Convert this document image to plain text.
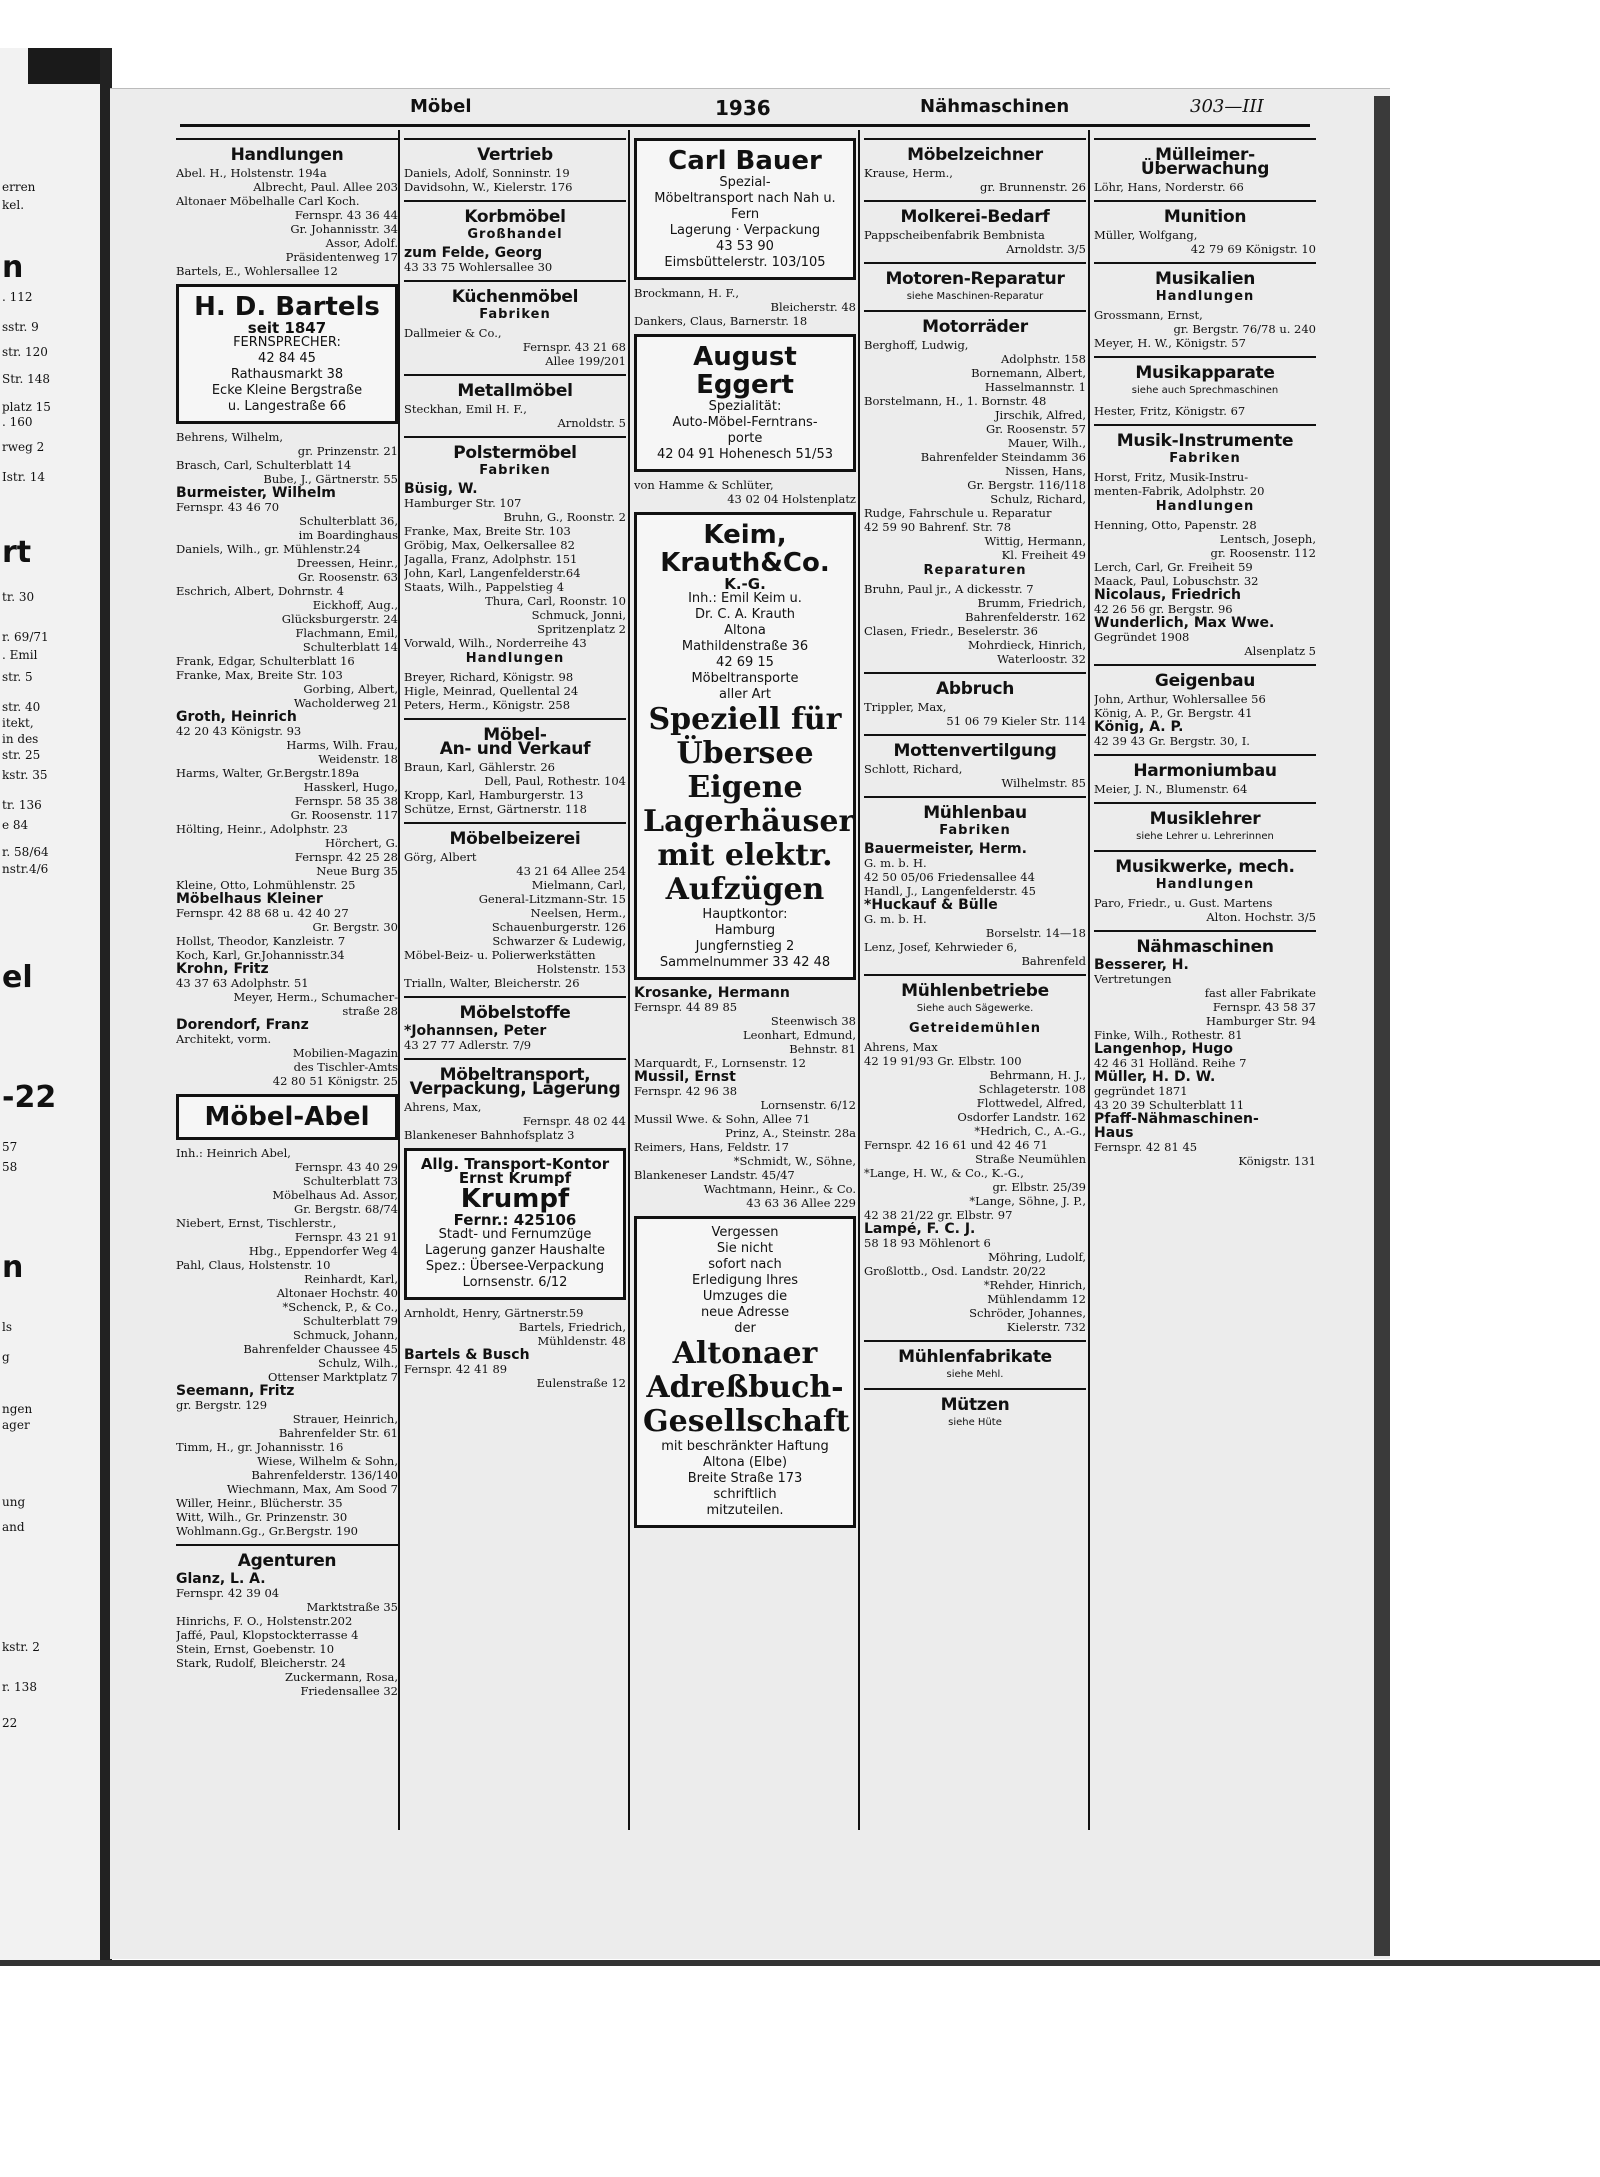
erren
kel.
n
. 112
sstr. 9
str. 120
Str. 148
platz 15
. 160
rweg 2
Istr. 14
rt
tr. 30
r. 69/71
. Emil
str. 5
str. 40
itekt,
in des
str. 25
kstr. 35
tr. 136
e 84
r. 58/64
nstr.4/6
el
-22
57
58
n
ls
g
ngen
ager
ung
and
kstr. 2
r. 138
22
Möbel	1936	Nähmaschinen	303—III
Handlungen
Abel. H., Holstenstr. 194a
Albrecht, Paul. Allee 203
Altonaer Möbelhalle Carl Koch.
Fernspr. 43 36 44
Gr. Johannisstr. 34
Assor, Adolf.
Präsidentenweg 17
Bartels, E., Wohlersallee 12
H. D. Bartels
seit 1847
FERNSPRECHER:
42 84 45
Rathausmarkt 38
Ecke Kleine Bergstraße
u. Langestraße 66
Behrens, Wilhelm,
gr. Prinzenstr. 21
Brasch, Carl, Schulterblatt 14
Bube, J., Gärtnerstr. 55
Burmeister, Wilhelm
Fernspr. 43 46 70
Schulterblatt 36,
im Boardinghaus
Daniels, Wilh., gr. Mühlenstr.24
Dreessen, Heinr.,
Gr. Roosenstr. 63
Eschrich, Albert, Dohrnstr. 4
Eickhoff, Aug.,
Glücksburgerstr. 24
Flachmann, Emil,
Schulterblatt 14
Frank, Edgar, Schulterblatt 16
Franke, Max, Breite Str. 103
Gorbing, Albert,
Wacholderweg 21
Groth, Heinrich
42 20 43 Königstr. 93
Harms, Wilh. Frau,
Weidenstr. 18
Harms, Walter, Gr.Bergstr.189a
Hasskerl, Hugo,
Fernspr. 58 35 38
Gr. Roosenstr. 117
Hölting, Heinr., Adolphstr. 23
Hörchert, G.
Fernspr. 42 25 28
Neue Burg 35
Kleine, Otto, Lohmühlenstr. 25
Möbelhaus Kleiner
Fernspr. 42 88 68 u. 42 40 27
Gr. Bergstr. 30
Hollst, Theodor, Kanzleistr. 7
Koch, Karl, Gr.Johannisstr.34
Krohn, Fritz
43 37 63 Adolphstr. 51
Meyer, Herm., Schumacher-
straße 28
Dorendorf, Franz
Architekt, vorm.
Mobilien-Magazin
des Tischler-Amts
42 80 51 Königstr. 25
Möbel-Abel
Inh.: Heinrich Abel,
Fernspr. 43 40 29
Schulterblatt 73
Möbelhaus Ad. Assor,
Gr. Bergstr. 68/74
Niebert, Ernst, Tischlerstr.,
Fernspr. 43 21 91
Hbg., Eppendorfer Weg 4
Pahl, Claus, Holstenstr. 10
Reinhardt, Karl,
Altonaer Hochstr. 40
*Schenck, P., & Co.,
Schulterblatt 79
Schmuck, Johann,
Bahrenfelder Chaussee 45
Schulz, Wilh.,
Ottenser Marktplatz 7
Seemann, Fritz
gr. Bergstr. 129
Strauer, Heinrich,
Bahrenfelder Str. 61
Timm, H., gr. Johannisstr. 16
Wiese, Wilhelm & Sohn,
Bahrenfelderstr. 136/140
Wiechmann, Max, Am Sood 7
Willer, Heinr., Blücherstr. 35
Witt, Wilh., Gr. Prinzenstr. 30
Wohlmann.Gg., Gr.Bergstr. 190
Agenturen
Glanz, L. A.
Fernspr. 42 39 04
Marktstraße 35
Hinrichs, F. O., Holstenstr.202
Jaffé, Paul, Klopstockterrasse 4
Stein, Ernst, Goebenstr. 10
Stark, Rudolf, Bleicherstr. 24
Zuckermann, Rosa,
Friedensallee 32
Vertrieb
Daniels, Adolf, Sonninstr. 19
Davidsohn, W., Kielerstr. 176
Korbmöbel
Großhandel
zum Felde, Georg
43 33 75 Wohlersallee 30
Küchenmöbel
Fabriken
Dallmeier & Co.,
Fernspr. 43 21 68
Allee 199/201
Metallmöbel
Steckhan, Emil H. F.,
Arnoldstr. 5
Polstermöbel
Fabriken
Büsig, W.
Hamburger Str. 107
Bruhn, G., Roonstr. 2
Franke, Max, Breite Str. 103
Gröbig, Max, Oelkersallee 82
Jagalla, Franz, Adolphstr. 151
John, Karl, Langenfelderstr.64
Staats, Wilh., Pappelstieg 4
Thura, Carl, Roonstr. 10
Schmuck, Jonni,
Spritzenplatz 2
Vorwald, Wilh., Norderreihe 43
Handlungen
Breyer, Richard, Königstr. 98
Higle, Meinrad, Quellental 24
Peters, Herm., Königstr. 258
Möbel-
An- und Verkauf
Braun, Karl, Gählerstr. 26
Dell, Paul, Rothestr. 104
Kropp, Karl, Hamburgerstr. 13
Schütze, Ernst, Gärtnerstr. 118
Möbelbeizerei
Görg, Albert
43 21 64 Allee 254
Mielmann, Carl,
General-Litzmann-Str. 15
Neelsen, Herm.,
Schauenburgerstr. 126
Schwarzer & Ludewig,
Möbel-Beiz- u. Polierwerkstätten
Holstenstr. 153
Trialln, Walter, Bleicherstr. 26
Möbelstoffe
*Johannsen, Peter
43 27 77 Adlerstr. 7/9
Möbeltransport,
Verpackung, Lagerung
Ahrens, Max,
Fernspr. 48 02 44
Blankeneser Bahnhofsplatz 3
Allg. Transport-Kontor Ernst Krumpf
Krumpf
Fernr.: 425106
Stadt- und Fernumzüge
Lagerung ganzer Haushalte
Spez.: Übersee-Verpackung
Lornsenstr. 6/12
Arnholdt, Henry, Gärtnerstr.59
Bartels, Friedrich,
Mühldenstr. 48
Bartels & Busch
Fernspr. 42 41 89
Eulenstraße 12
Carl Bauer
Spezial-
Möbeltransport nach Nah u. Fern
Lagerung · Verpackung
43 53 90
Eimsbüttelerstr. 103/105
Brockmann, H. F.,
Bleicherstr. 48
Dankers, Claus, Barnerstr. 18
August Eggert
Spezialität:
Auto-Möbel-Ferntrans-
porte
42 04 91 Hohenesch 51/53
von Hamme & Schlüter,
43 02 04 Holstenplatz
Keim,
Krauth&Co.
K.-G.
Inh.: Emil Keim u.
Dr. C. A. Krauth
Altona
Mathildenstraße 36
42 69 15
Möbeltransporte
aller Art
Speziell für Übersee
Eigene Lagerhäuser
mit elektr. Aufzügen
Hauptkontor:
Hamburg
Jungfernstieg 2
Sammelnummer 33 42 48
Krosanke, Hermann
Fernspr. 44 89 85
Steenwisch 38
Leonhart, Edmund,
Behnstr. 81
Marquardt, F., Lornsenstr. 12
Mussil, Ernst
Fernspr. 42 96 38
Lornsenstr. 6/12
Mussil Wwe. & Sohn, Allee 71
Prinz, A., Steinstr. 28a
Reimers, Hans, Feldstr. 17
*Schmidt, W., Söhne,
Blankeneser Landstr. 45/47
Wachtmann, Heinr., & Co.
43 63 36 Allee 229
Vergessen
Sie nicht
sofort nach
Erledigung Ihres
Umzuges die
neue Adresse
der
Altonaer
Adreßbuch-
Gesellschaft
mit beschränkter Haftung
Altona (Elbe)
Breite Straße 173
schriftlich
mitzuteilen.
Möbelzeichner
Krause, Herm.,
gr. Brunnenstr. 26
Molkerei-Bedarf
Pappscheibenfabrik Bembnista
Arnoldstr. 3/5
Motoren-Reparatur
siehe Maschinen-Reparatur
Motorräder
Berghoff, Ludwig,
Adolphstr. 158
Bornemann, Albert,
Hasselmannstr. 1
Borstelmann, H., 1. Bornstr. 48
Jirschik, Alfred,
Gr. Roosenstr. 57
Mauer, Wilh.,
Bahrenfelder Steindamm 36
Nissen, Hans,
Gr. Bergstr. 116/118
Schulz, Richard,
Rudge, Fahrschule u. Reparatur
42 59 90 Bahrenf. Str. 78
Wittig, Hermann,
Kl. Freiheit 49
Reparaturen
Bruhn, Paul jr., A dickesstr. 7
Brumm, Friedrich,
Bahrenfelderstr. 162
Clasen, Friedr., Beselerstr. 36
Mohrdieck, Hinrich,
Waterloostr. 32
Abbruch
Trippler, Max,
51 06 79 Kieler Str. 114
Mottenvertilgung
Schlott, Richard,
Wilhelmstr. 85
Mühlenbau
Fabriken
Bauermeister, Herm.
G. m. b. H.
42 50 05/06 Friedensallee 44
Handl, J., Langenfelderstr. 45
*Huckauf & Bülle
G. m. b. H.
Borselstr. 14—18
Lenz, Josef, Kehrwieder 6,
Bahrenfeld
Mühlenbetriebe
Siehe auch Sägewerke.
Getreidemühlen
Ahrens, Max
42 19 91/93 Gr. Elbstr. 100
Behrmann, H. J.,
Schlageterstr. 108
Flottwedel, Alfred,
Osdorfer Landstr. 162
*Hedrich, C., A.-G.,
Fernspr. 42 16 61 und 42 46 71
Straße Neumühlen
*Lange, H. W., & Co., K.-G.,
gr. Elbstr. 25/39
*Lange, Söhne, J. P.,
42 38 21/22 gr. Elbstr. 97
Lampé, F. C. J.
58 18 93 Möhlenort 6
Möhring, Ludolf,
Großlottb., Osd. Landstr. 20/22
*Rehder, Hinrich,
Mühlendamm 12
Schröder, Johannes,
Kielerstr. 732
Mühlenfabrikate
siehe Mehl.
Mützen
siehe Hüte
Mülleimer-
Überwachung
Löhr, Hans, Norderstr. 66
Munition
Müller, Wolfgang,
42 79 69 Königstr. 10
Musikalien
Handlungen
Grossmann, Ernst,
gr. Bergstr. 76/78 u. 240
Meyer, H. W., Königstr. 57
Musikapparate
siehe auch Sprechmaschinen
Hester, Fritz, Königstr. 67
Musik-Instrumente
Fabriken
Horst, Fritz, Musik-Instru-
menten-Fabrik, Adolphstr. 20
Handlungen
Henning, Otto, Papenstr. 28
Lentsch, Joseph,
gr. Roosenstr. 112
Lerch, Carl, Gr. Freiheit 59
Maack, Paul, Lobuschstr. 32
Nicolaus, Friedrich
42 26 56 gr. Bergstr. 96
Wunderlich, Max Wwe.
Gegründet 1908
Alsenplatz 5
Geigenbau
John, Arthur, Wohlersallee 56
König, A. P., Gr. Bergstr. 41
König, A. P.
42 39 43 Gr. Bergstr. 30, I.
Harmoniumbau
Meier, J. N., Blumenstr. 64
Musiklehrer
siehe Lehrer u. Lehrerinnen
Musikwerke, mech.
Handlungen
Paro, Friedr., u. Gust. Martens
Alton. Hochstr. 3/5
Nähmaschinen
Besserer, H.
Vertretungen
fast aller Fabrikate
Fernspr. 43 58 37
Hamburger Str. 94
Finke, Wilh., Rothestr. 81
Langenhop, Hugo
42 46 31 Holländ. Reihe 7
Müller, H. D. W.
gegründet 1871
43 20 39 Schulterblatt 11
Pfaff-Nähmaschinen-
Haus
Fernspr. 42 81 45
Königstr. 131
